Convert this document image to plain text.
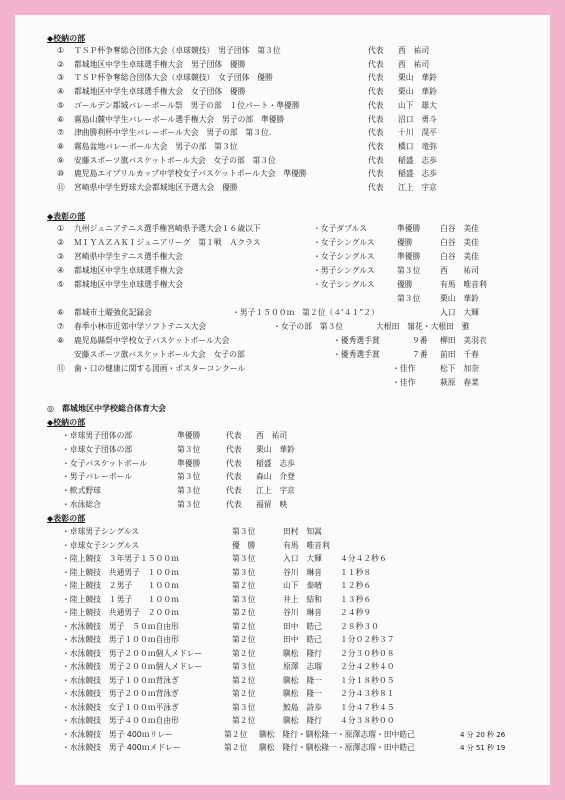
◆校納の部
① ＴＳＰ杯争奪総合団体大会（卓球競技）　男子団体　第３位	代表 西　祐司
② 都城地区中学生卓球選手権大会　男子団体　優勝	代表 西　祐司
③ ＴＳＰ杯争奪総合団体大会（卓球競技）　女子団体　優勝	代表 栗山　華鈴
④ 都城地区中学生卓球選手権大会　女子団体　優勝	代表 栗山　華鈴
⑤ ゴールデン都城バレーボール祭　男子の部　１位パート・準優勝	代表 山下　雄大
⑥ 霧島山麓中学生バレーボール選手権大会　男子の部　準優勝	代表 沼口　勇斗
⑦ 津曲勝利杯中学生バレーボール大会　男子の部　第３位．	代表 十川　滉平
⑧ 霧島盆地バレーボール大会　男子の部　第３位	代表 橋口　竜弥
⑨ 安藤スポーツ旗バスケットボール大会　女子の部　第３位	代表 稲盛　志歩
⑩ 鹿児島エイプリルカップ中学校女子バスケットボール大会　準優勝	代表 稲盛　志歩
⑪ 宮崎県中学生野球大会都城地区予選大会　優勝	代表 江上　宇京
◆表彰の部
① 九州ジュニアテニス選手権宮崎県予選大会１６歳以下	・女子ダブルス	準優勝	白谷　美佳
② ＭＩＹＡＺＡＫＩジュニアリーグ　第１戦　Ａクラス	・女子シングルス	優勝	白谷　美佳
③ 宮崎県中学生テニス選手権大会	・女子シングルス	準優勝	白谷　美佳
④ 都城地区中学生卓球選手権大会	・男子シングルス	第３位	西　　祐司
⑤ 都城地区中学生卓球選手権大会	・女子シングルス	優勝	有馬　唯音利
第３位	栗山　華鈴
⑥ 都城市土曜強化記録会	・男子１５００ｍ　第２位（４‘４１”２）	入口　大輝
⑦ 春季小林市近郊中学ソフトテニス大会	・女子の部　第３位	大根田　嶺花・大根田　雅
⑧ 鹿児島縣祭中学校女子バスケットボール大会	・優秀選手賞	９番 柳田　美羽衣
安藤スポーツ旗バスケットボール大会　女子の部	・優秀選手賞	７番 前田　千春
⑪ 歯・口の健康に関する図画・ポスターコンクール	・佳作	松下　加奈
・佳作	萩原　春菜
◎　都城地区中学校総合体育大会
◆校納の部
・卓球男子団体の部	準優勝	代表 西　祐司
・卓球女子団体の部	第３位	代表 栗山　華鈴
・女子バスケットボール	準優勝	代表 稲盛　志歩
・男子バレーボール	第３位	代表 森山　介登
・軟式野球	第３位	代表 江上　宇京
・水泳総合	第３位	代表 福留　映
◆表彰の部
・卓球男子シングルス	第３位	田村　知嵩
・卓球女子シングルス	優　勝	有馬　唯音利
・陸上競技　３年男子１５００ｍ	第３位	入口　大輝 ４分４２秒６
・陸上競技　共通男子　１００ｍ	第３位	谷川　琳音 １１秒８
・陸上競技　２男子　　１００ｍ	第２位	山下　泰晴 １２秒６
・陸上競技　１男子　　１００ｍ	第３位	井上　結和 １３秒６
・陸上競技　共通男子　２００ｍ	第２位	谷川　琳音 ２４秒９
・水泳競技　男子　５０ｍ自由形	第２位	田中　皓己 ２８秒３０
・水泳競技　男子１００ｍ自由形	第２位	田中　皓己 １分０２秒３７
・水泳競技　男子２００ｍ個人メドレー	第２位	馴松　隆行 ２分３０秒０８
・水泳競技　男子２００ｍ個人メドレー	第３位	原澤　志瑠 ２分４２秒４０
・水泳競技　男子１００ｍ背泳ぎ	第２位	馴松　隆一 １分１８秒０５
・水泳競技　男子２００ｍ背泳ぎ	第２位	馴松　隆一 ２分４３秒８１
・水泳競技　女子１００ｍ平泳ぎ	第３位	鮫島　詩歩 １分４７秒４５
・水泳競技　男子４００ｍ自由形	第２位	馴松　隆行 ４分３８秒００
・水泳競技　男子 400ｍリレー	第２位 馴松　隆行・馴松隆一・原澤志瑠・田中皓己	4 分 20 秒 26
・水泳競技　男子 400ｍメドレー	第２位 馴松　隆行・馴松隆一・原澤志瑠・田中皓己	4 分 51 秒 19
